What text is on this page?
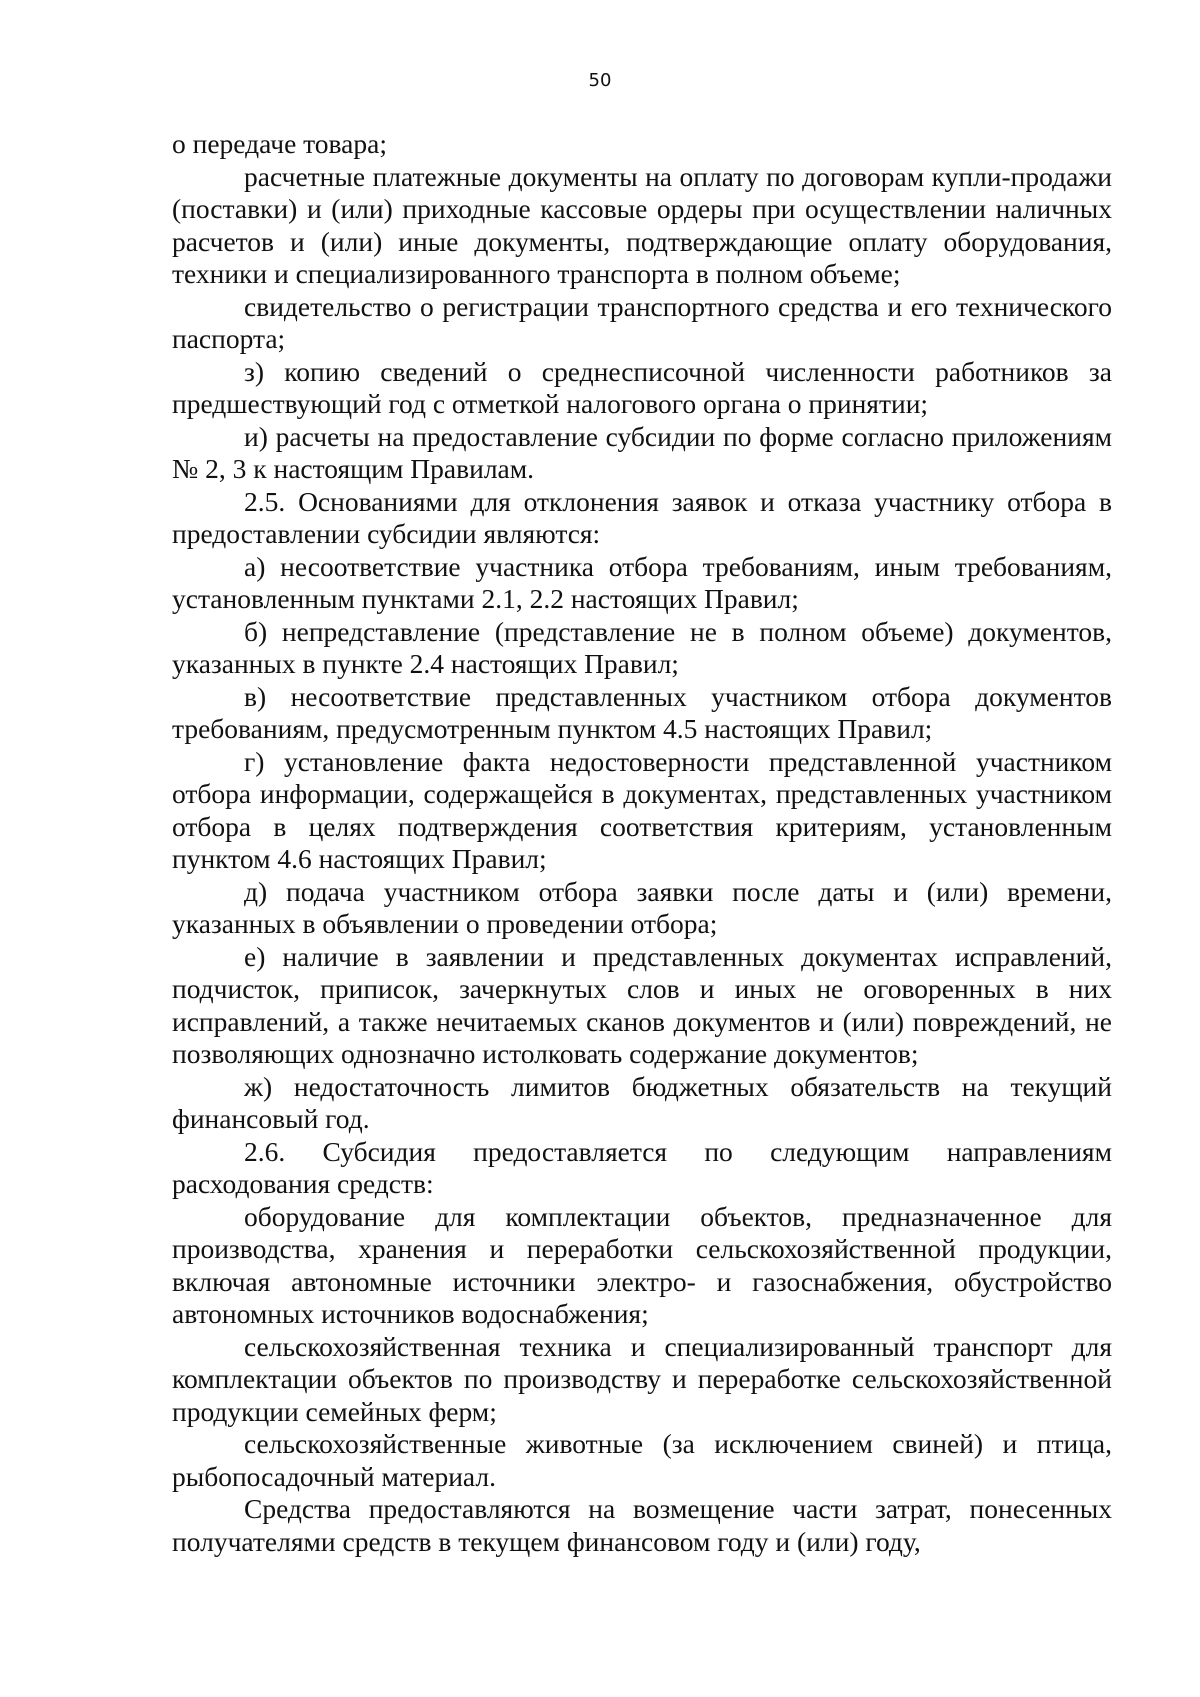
50

о передаче товара;

расчетные платежные документы на оплату по договорам купли-продажи (поставки) и (или) приходные кассовые ордеры при осуществлении наличных расчетов и (или) иные документы, подтверждающие оплату оборудования, техники и специализированного транспорта в полном объеме;

свидетельство о регистрации транспортного средства и его технического паспорта;

з) копию сведений о среднесписочной численности работников за предшествующий год с отметкой налогового органа о принятии;

и) расчеты на предоставление субсидии по форме согласно приложениям № 2, 3 к настоящим Правилам.

2.5. Основаниями для отклонения заявок и отказа участнику отбора в предоставлении субсидии являются:

а) несоответствие участника отбора требованиям, иным требованиям, установленным пунктами 2.1, 2.2 настоящих Правил;

б) непредставление (представление не в полном объеме) документов, указанных в пункте 2.4 настоящих Правил;

в) несоответствие представленных участником отбора документов требованиям, предусмотренным пунктом 4.5 настоящих Правил;

г) установление факта недостоверности представленной участником отбора информации, содержащейся в документах, представленных участником отбора в целях подтверждения соответствия критериям, установленным пунктом 4.6 настоящих Правил;

д) подача участником отбора заявки после даты и (или) времени, указанных в объявлении о проведении отбора;

е) наличие в заявлении и представленных документах исправлений, подчисток, приписок, зачеркнутых слов и иных не оговоренных в них исправлений, а также нечитаемых сканов документов и (или) повреждений, не позволяющих однозначно истолковать содержание документов;

ж) недостаточность лимитов бюджетных обязательств на текущий финансовый год.

2.6. Субсидия предоставляется по следующим направлениям расходования средств:

оборудование для комплектации объектов, предназначенное для производства, хранения и переработки сельскохозяйственной продукции, включая автономные источники электро- и газоснабжения, обустройство автономных источников водоснабжения;

сельскохозяйственная техника и специализированный транспорт для комплектации объектов по производству и переработке сельскохозяйственной продукции семейных ферм;

сельскохозяйственные животные (за исключением свиней) и птица, рыбопосадочный материал.

Средства предоставляются на возмещение части затрат, понесенных получателями средств в текущем финансовом году и (или) году,
